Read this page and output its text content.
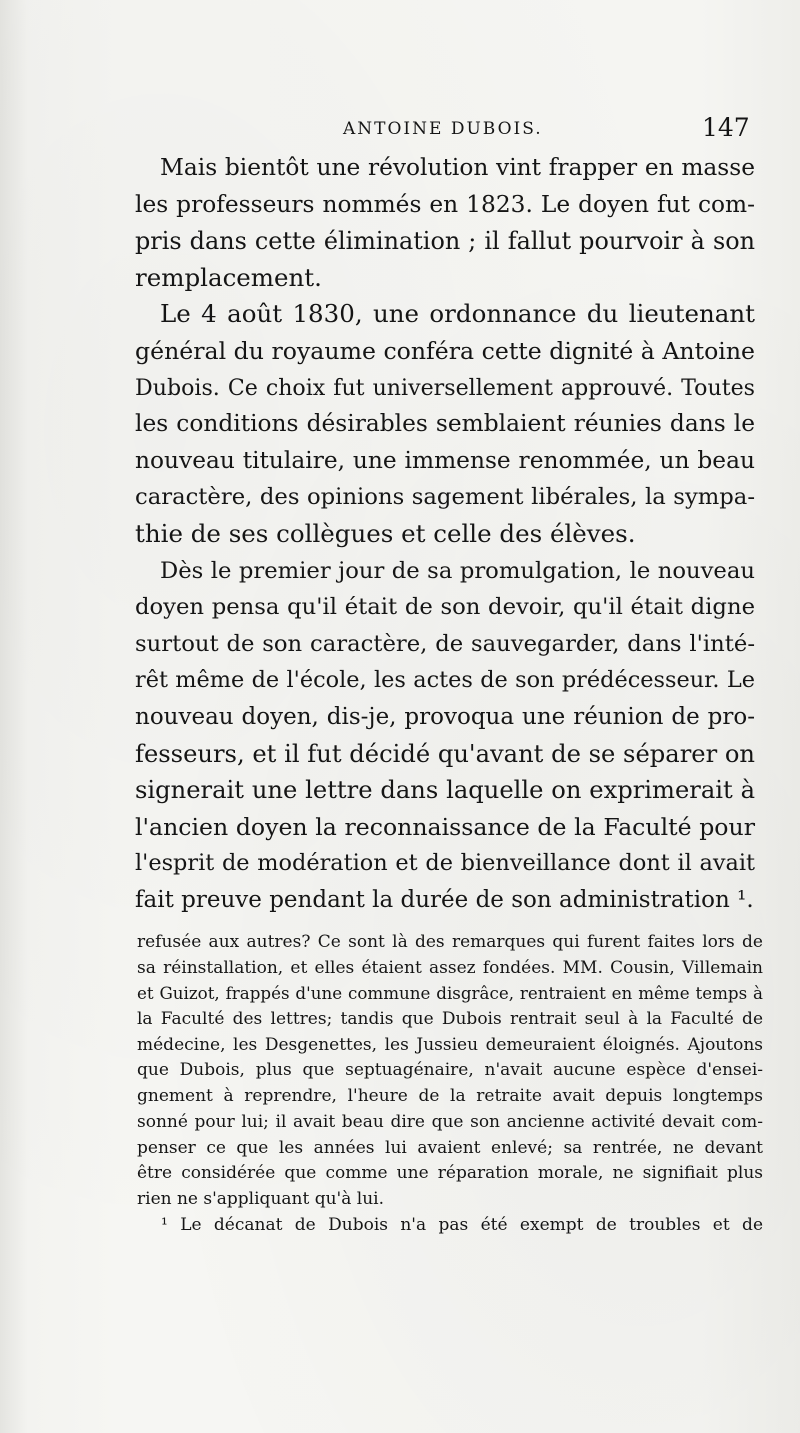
ANTOINE DUBOIS.	147
Mais bientôt une révolution vint frapper en masse
les professeurs nommés en 1823. Le doyen fut com-
pris dans cette élimination ; il fallut pourvoir à son
remplacement.
Le 4 août 1830, une ordonnance du lieutenant
général du royaume conféra cette dignité à Antoine
Dubois. Ce choix fut universellement approuvé. Toutes
les conditions désirables semblaient réunies dans le
nouveau titulaire, une immense renommée, un beau
caractère, des opinions sagement libérales, la sympa-
thie de ses collègues et celle des élèves.
Dès le premier jour de sa promulgation, le nouveau
doyen pensa qu'il était de son devoir, qu'il était digne
surtout de son caractère, de sauvegarder, dans l'inté-
rêt même de l'école, les actes de son prédécesseur. Le
nouveau doyen, dis-je, provoqua une réunion de pro-
fesseurs, et il fut décidé qu'avant de se séparer on
signerait une lettre dans laquelle on exprimerait à
l'ancien doyen la reconnaissance de la Faculté pour
l'esprit de modération et de bienveillance dont il avait
fait preuve pendant la durée de son administration ¹.
refusée aux autres? Ce sont là des remarques qui furent faites lors de
sa réinstallation, et elles étaient assez fondées. MM. Cousin, Villemain
et Guizot, frappés d'une commune disgrâce, rentraient en même temps à
la Faculté des lettres; tandis que Dubois rentrait seul à la Faculté de
médecine, les Desgenettes, les Jussieu demeuraient éloignés. Ajoutons
que Dubois, plus que septuagénaire, n'avait aucune espèce d'ensei-
gnement à reprendre, l'heure de la retraite avait depuis longtemps
sonné pour lui; il avait beau dire que son ancienne activité devait com-
penser ce que les années lui avaient enlevé; sa rentrée, ne devant
être considérée que comme une réparation morale, ne signifiait plus
rien ne s'appliquant qu'à lui.
¹ Le décanat de Dubois n'a pas été exempt de troubles et de
